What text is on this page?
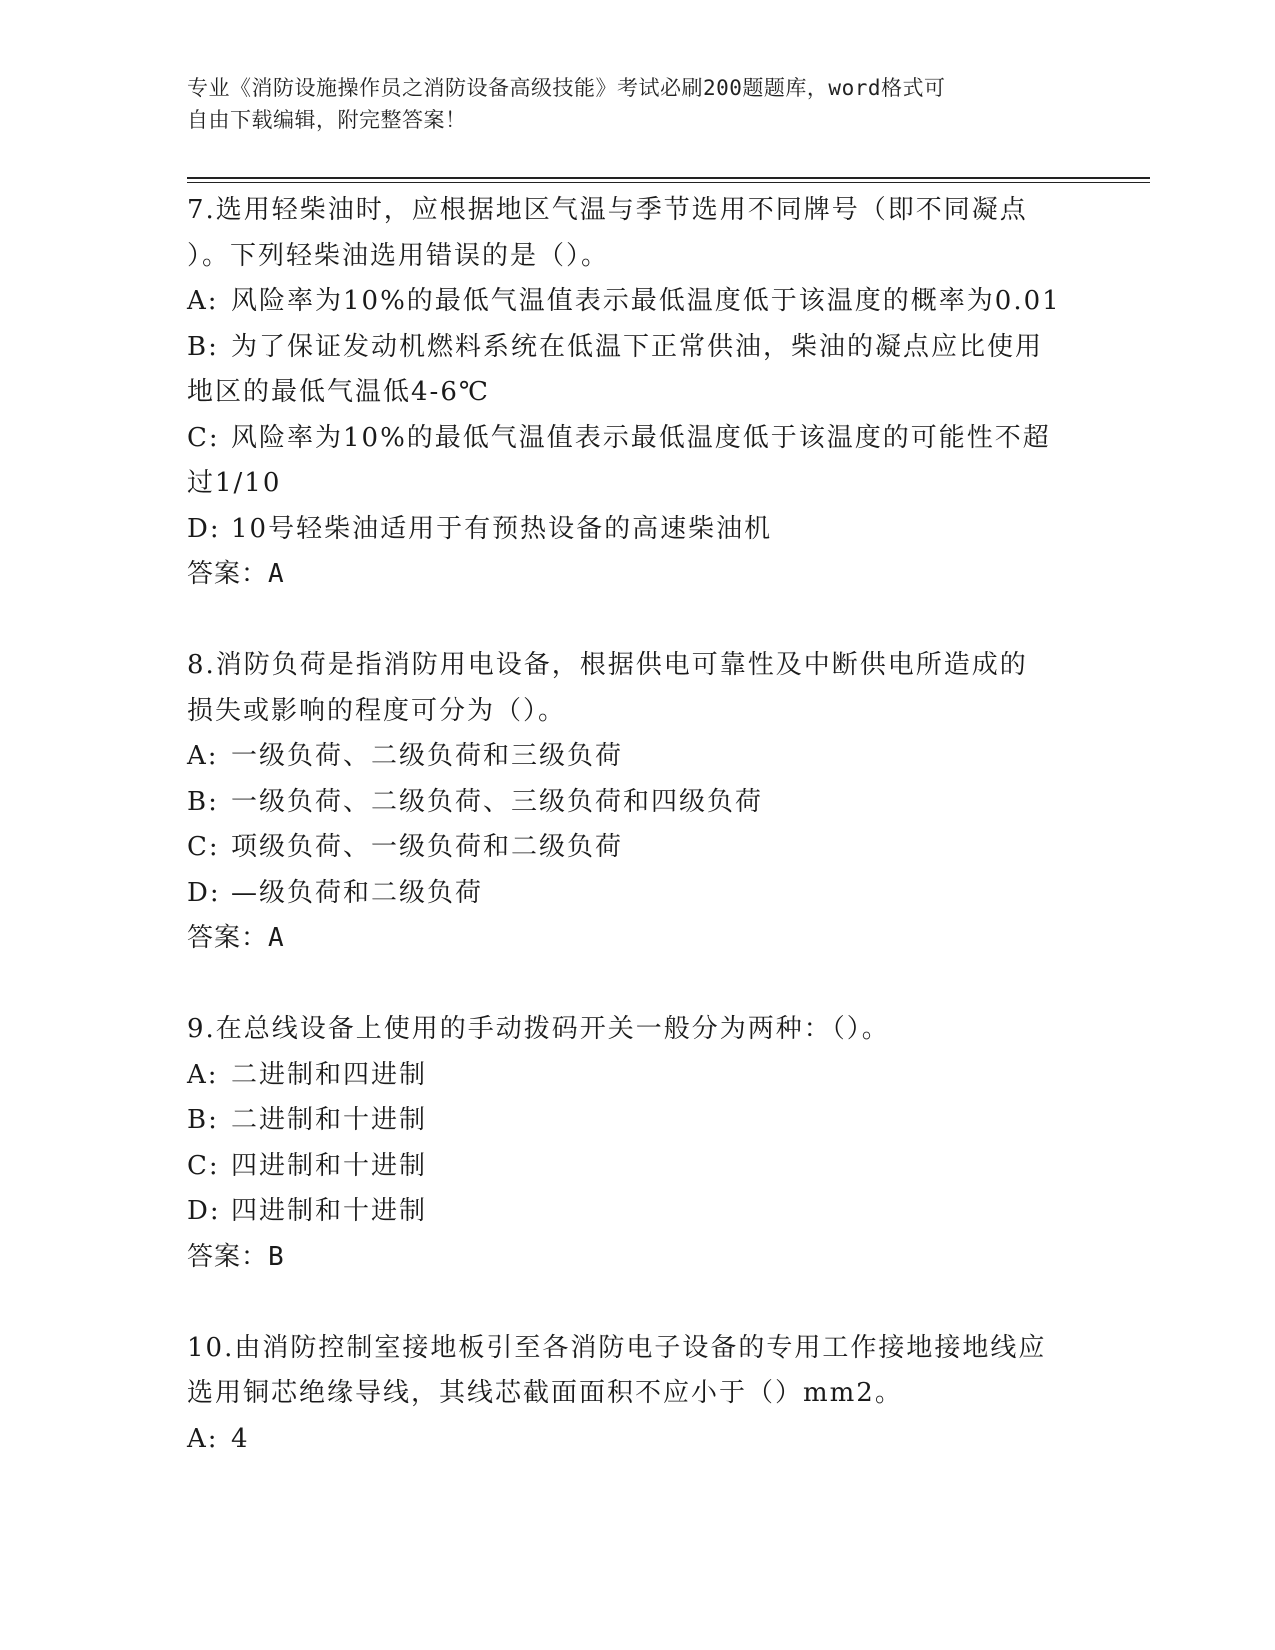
专业《消防设施操作员之消防设备高级技能》考试必刷200题题库，word格式可
自由下载编辑，附完整答案！

7.选用轻柴油时，应根据地区气温与季节选用不同牌号（即不同凝点

）。下列轻柴油选用错误的是（）。

A: 风险率为10%的最低气温值表示最低温度低于该温度的概率为0.01

B: 为了保证发动机燃料系统在低温下正常供油，柴油的凝点应比使用

地区的最低气温低4-6℃

C: 风险率为10%的最低气温值表示最低温度低于该温度的可能性不超

过1/10

D: 10号轻柴油适用于有预热设备的高速柴油机

答案：A

8.消防负荷是指消防用电设备，根据供电可靠性及中断供电所造成的

损失或影响的程度可分为（）。

A: 一级负荷、二级负荷和三级负荷

B: 一级负荷、二级负荷、三级负荷和四级负荷

C: 项级负荷、一级负荷和二级负荷

D: —级负荷和二级负荷

答案：A

9.在总线设备上使用的手动拨码开关一般分为两种：（）。

A: 二进制和四进制

B: 二进制和十进制

C: 四进制和十进制

D: 四进制和十进制

答案：B

10.由消防控制室接地板引至各消防电子设备的专用工作接地接地线应

选用铜芯绝缘导线，其线芯截面面积不应小于（）mm2。

A: 4
